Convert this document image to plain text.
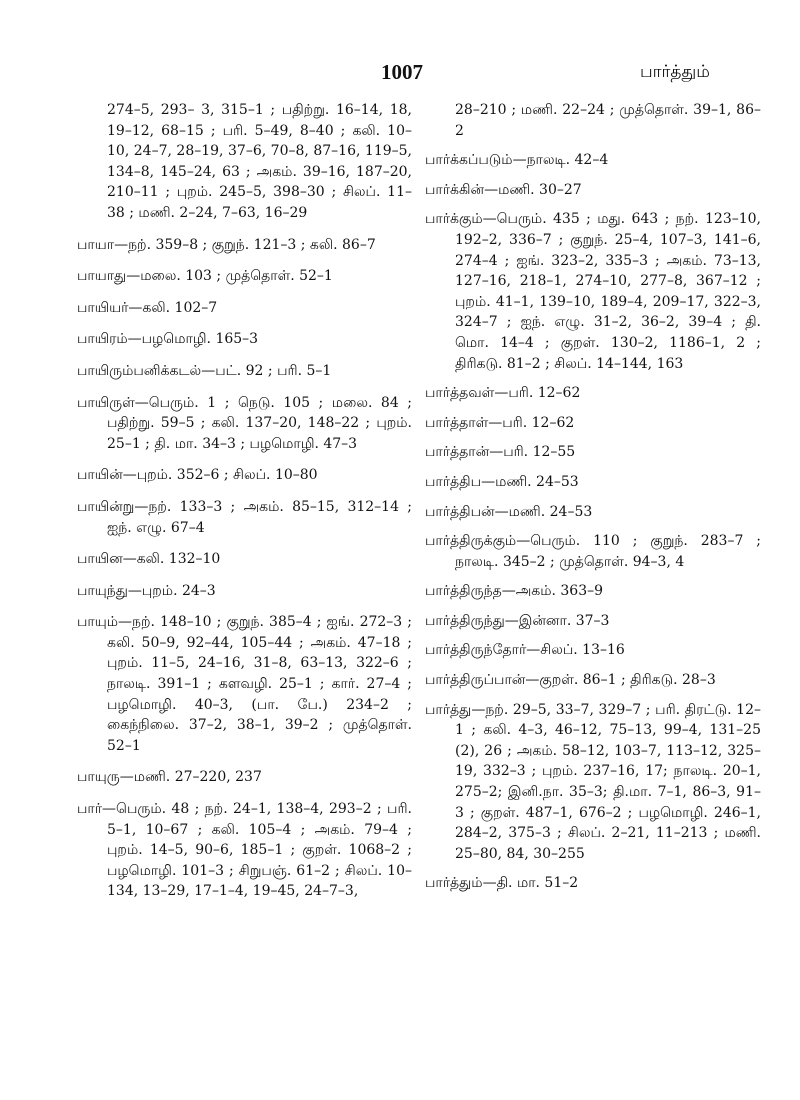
1007	பார்த்தும்

274–5, 293– 3, 315–1 ; பதிற்று. 16–14, 18, 19–12, 68–15 ; பரி. 5–49, 8–40 ; கலி. 10–10, 24–7, 28–19, 37–6, 70–8, 87–16, 119–5, 134–8, 145–24, 63 ; அகம். 39–16, 187–20, 210–11 ; புறம். 245–5, 398–30 ; சிலப். 11–38 ; மணி. 2–24, 7–63, 16–29

பாயா—நற். 359–8 ; குறுந். 121–3 ; கலி. 86–7

பாயாது—மலை. 103 ; முத்தொள். 52–1

பாயியர்—கலி. 102–7

பாயிரம்—பழமொழி. 165–3

பாயிரும்பனிக்கடல்—பட். 92 ; பரி. 5–1

பாயிருள்—பெரும். 1 ; நெடு. 105 ; மலை. 84 ; பதிற்று. 59–5 ; கலி. 137–20, 148–22 ; புறம். 25–1 ; தி. மா. 34–3 ; பழமொழி. 47–3

பாயின்—புறம். 352–6 ; சிலப். 10–80

பாயின்று—நற். 133–3 ; அகம். 85–15, 312–14 ; ஐந். எழு. 67–4

பாயின—கலி. 132–10

பாயுந்து—புறம். 24–3

பாயும்—நற். 148–10 ; குறுந். 385–4 ; ஐங். 272–3 ; கலி. 50–9, 92–44, 105–44 ; அகம். 47–18 ; புறம். 11–5, 24–16, 31–8, 63–13, 322–6 ; நாலடி. 391–1 ; களவழி. 25–1 ; கார். 27–4 ; பழமொழி. 40–3, (பா. பே.) 234–2 ; கைந்நிலை. 37–2, 38–1, 39–2 ; முத்தொள். 52–1

பாயுரு—மணி. 27–220, 237

பார்—பெரும். 48 ; நற். 24–1, 138–4, 293–2 ; பரி. 5–1, 10–67 ; கலி. 105–4 ; அகம். 79–4 ; புறம். 14–5, 90–6, 185–1 ; குறள். 1068–2 ; பழமொழி. 101–3 ; சிறுபஞ். 61–2 ; சிலப். 10–134, 13–29, 17–1–4, 19–45, 24–7–3,

28–210 ; மணி. 22–24 ; முத்தொள். 39–1, 86–2

பார்க்கப்படும்—நாலடி. 42–4

பார்க்கின்—மணி. 30–27

பார்க்கும்—பெரும். 435 ; மது. 643 ; நற். 123–10, 192–2, 336–7 ; குறுந். 25–4, 107–3, 141–6, 274–4 ; ஐங். 323–2, 335–3 ; அகம். 73–13, 127–16, 218–1, 274–10, 277–8, 367–12 ; புறம். 41–1, 139–10, 189–4, 209–17, 322–3, 324–7 ; ஐந். எழு. 31–2, 36–2, 39–4 ; தி. மொ. 14–4 ; குறள். 130–2, 1186–1, 2 ; திரிகடு. 81–2 ; சிலப். 14–144, 163

பார்த்தவள்—பரி. 12–62

பார்த்தாள்—பரி. 12–62

பார்த்தான்—பரி. 12–55

பார்த்திப—மணி. 24–53

பார்த்திபன்—மணி. 24–53

பார்த்திருக்கும்—பெரும். 110 ; குறுந். 283–7 ; நாலடி. 345–2 ; முத்தொள். 94–3, 4

பார்த்திருந்த—அகம். 363–9

பார்த்திருந்து—இன்னா. 37–3

பார்த்திருந்தோர்—சிலப். 13–16

பார்த்திருப்பான்—குறள். 86–1 ; திரிகடு. 28–3

பார்த்து—நற். 29–5, 33–7, 329–7 ; பரி. திரட்டு. 12–1 ; கலி. 4–3, 46–12, 75–13, 99–4, 131–25 (2), 26 ; அகம். 58–12, 103–7, 113–12, 325–19, 332–3 ; புறம். 237–16, 17; நாலடி. 20–1, 275–2; இனி.நா. 35–3; தி.மா. 7–1, 86–3, 91–3 ; குறள். 487–1, 676–2 ; பழமொழி. 246–1, 284–2, 375–3 ; சிலப். 2–21, 11–213 ; மணி. 25–80, 84, 30–255

பார்த்தும்—தி. மா. 51–2
